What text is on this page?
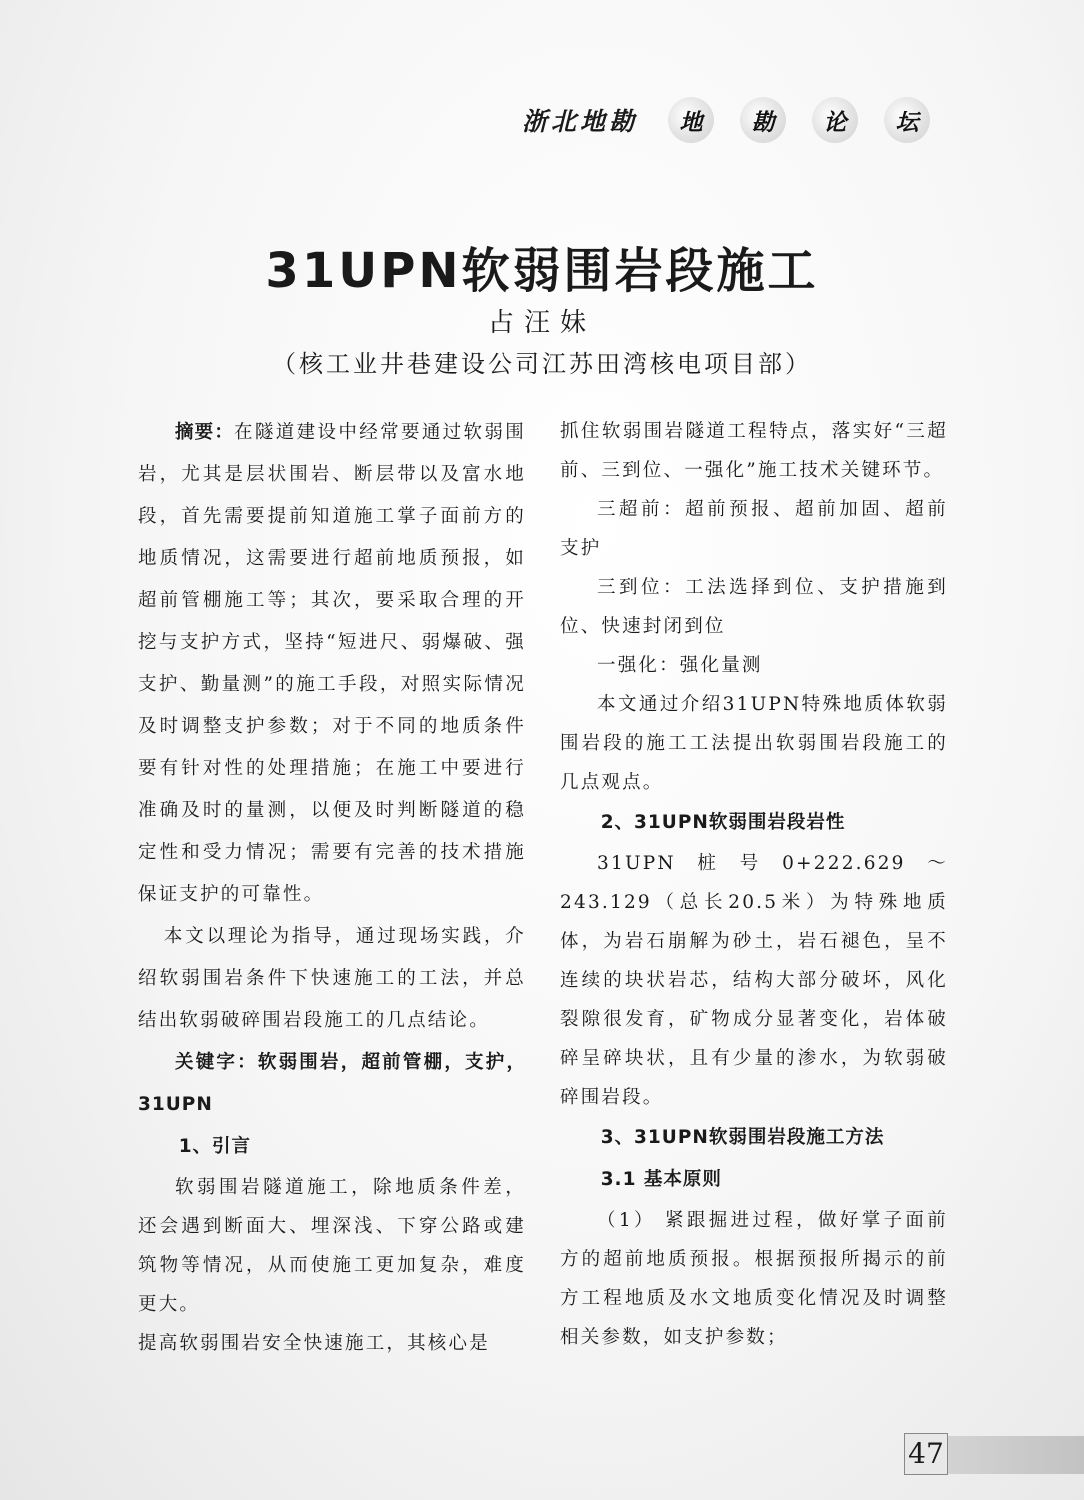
浙北地勘	地	勘	论	坛
31UPN软弱围岩段施工
占汪妹
（核工业井巷建设公司江苏田湾核电项目部）

摘要：在隧道建设中经常要通过软弱围岩，尤其是层状围岩、断层带以及富水地段，首先需要提前知道施工掌子面前方的地质情况，这需要进行超前地质预报，如超前管棚施工等；其次，要采取合理的开挖与支护方式，坚持“短进尺、弱爆破、强支护、勤量测”的施工手段，对照实际情况及时调整支护参数；对于不同的地质条件要有针对性的处理措施；在施工中要进行准确及时的量测，以便及时判断隧道的稳定性和受力情况；需要有完善的技术措施保证支护的可靠性。

本文以理论为指导，通过现场实践，介绍软弱围岩条件下快速施工的工法，并总结出软弱破碎围岩段施工的几点结论。

关键字：软弱围岩，超前管棚，支护，31UPN

1、引言

软弱围岩隧道施工，除地质条件差，还会遇到断面大、埋深浅、下穿公路或建筑物等情况，从而使施工更加复杂，难度更大。

提高软弱围岩安全快速施工，其核心是

抓住软弱围岩隧道工程特点，落实好“三超前、三到位、一强化”施工技术关键环节。

三超前：超前预报、超前加固、超前支护

三到位：工法选择到位、支护措施到位、快速封闭到位

一强化：强化量测

本文通过介绍31UPN特殊地质体软弱围岩段的施工工法提出软弱围岩段施工的几点观点。

2、31UPN软弱围岩段岩性

31UPN桩号0+222.629～243.129（总长20.5米）为特殊地质体，为岩石崩解为砂土，岩石褪色，呈不连续的块状岩芯，结构大部分破坏，风化裂隙很发育，矿物成分显著变化，岩体破碎呈碎块状，且有少量的渗水，为软弱破碎围岩段。

3、31UPN软弱围岩段施工方法

3.1 基本原则

（1） 紧跟掘进过程，做好掌子面前方的超前地质预报。根据预报所揭示的前方工程地质及水文地质变化情况及时调整相关参数，如支护参数；

47
